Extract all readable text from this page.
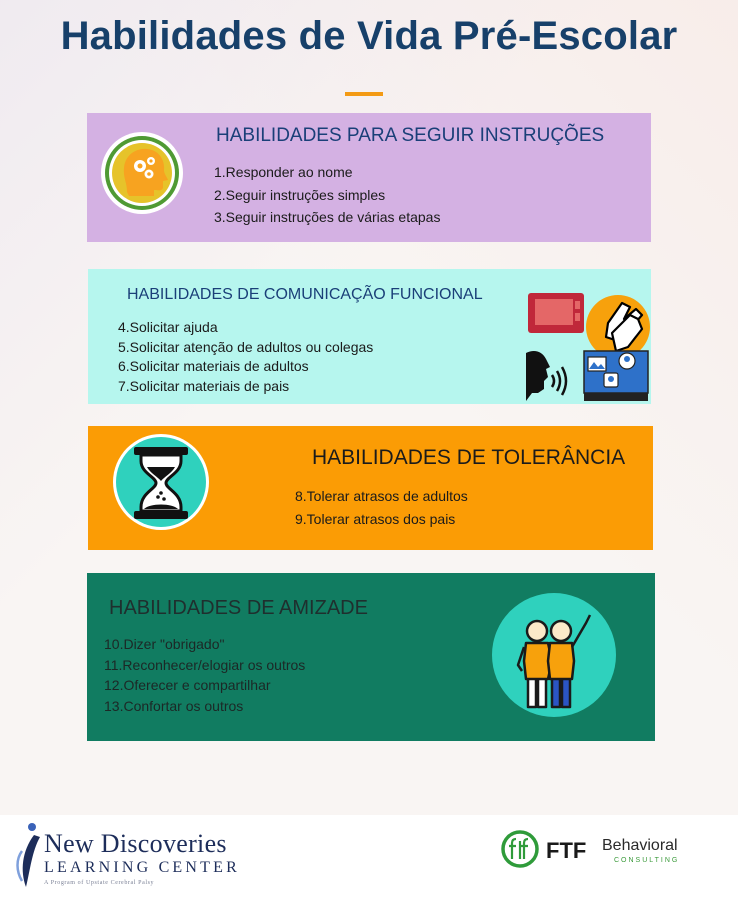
Habilidades de Vida Pré-Escolar
HABILIDADES PARA SEGUIR INSTRUÇÕES
1.Responder ao nome
2.Seguir instruções simples
3.Seguir instruções de várias etapas
HABILIDADES DE COMUNICAÇÃO FUNCIONAL
4.Solicitar ajuda
5.Solicitar atenção de adultos ou colegas
6.Solicitar materiais de adultos
7.Solicitar materiais de pais
HABILIDADES DE TOLERÂNCIA
8.Tolerar atrasos de adultos
9.Tolerar atrasos dos pais
HABILIDADES DE AMIZADE
10.Dizer "obrigado"
11.Reconhecer/elogiar os outros
12.Oferecer e compartilhar
13.Confortar os outros
New Discoveries
LEARNING CENTER
A Program of Upstate Cerebral Palsy
FTF Behavioral
CONSULTING
